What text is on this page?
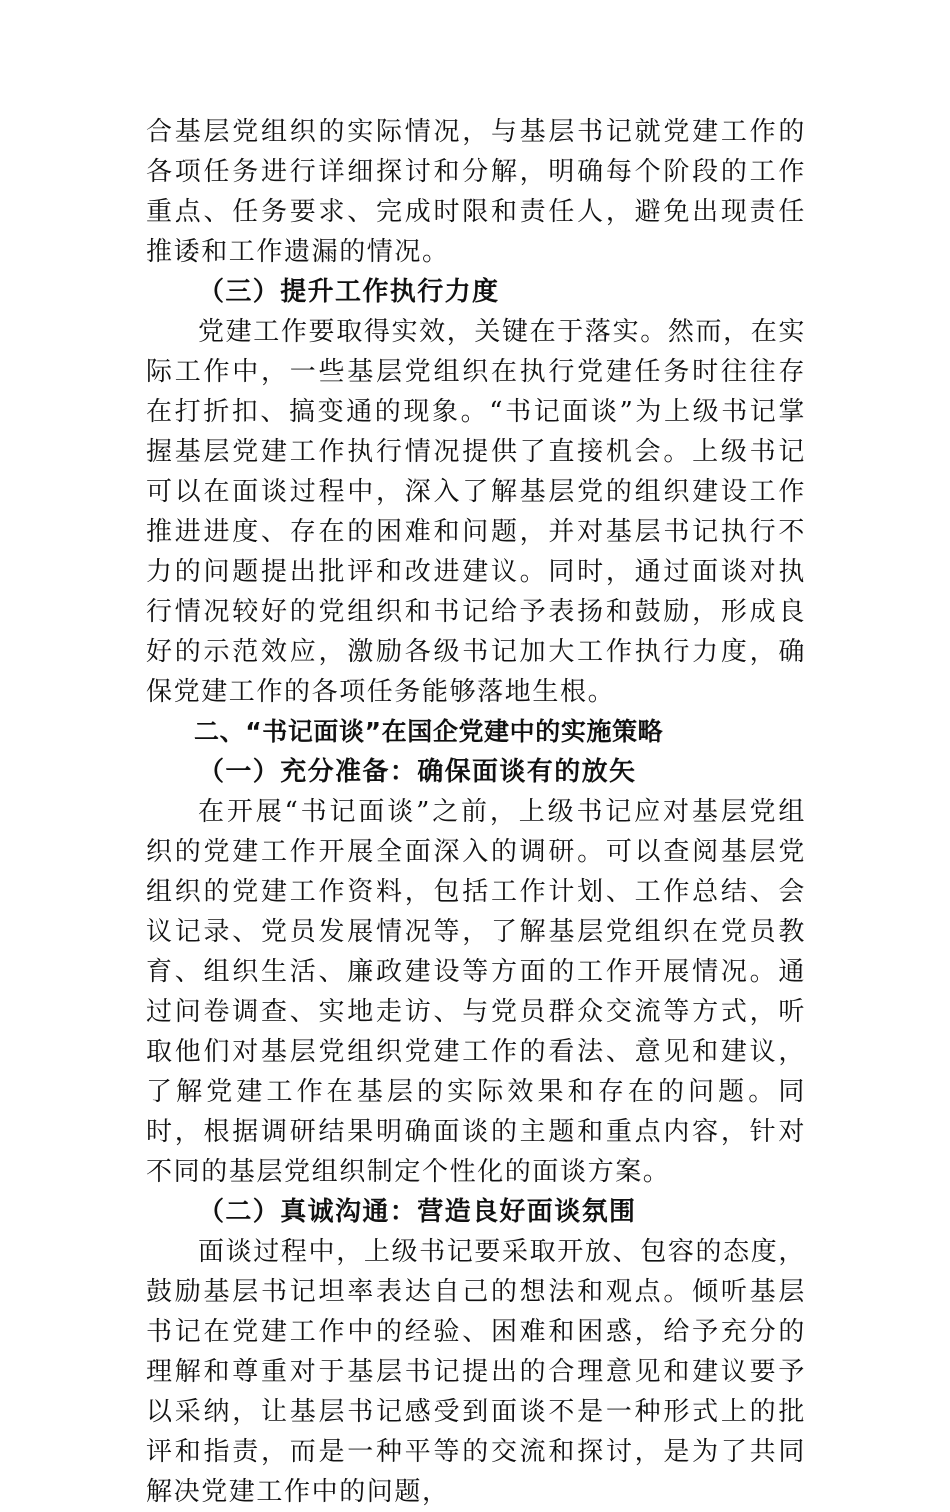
合基层党组织的实际情况，与基层书记就党建工作的各项任务进行详细探讨和分解，明确每个阶段的工作重点、任务要求、完成时限和责任人，避免出现责任推诿和工作遗漏的情况。

（三）提升工作执行力度

党建工作要取得实效，关键在于落实。然而，在实际工作中，一些基层党组织在执行党建任务时往往存在打折扣、搞变通的现象。“书记面谈”为上级书记掌握基层党建工作执行情况提供了直接机会。上级书记可以在面谈过程中，深入了解基层党的组织建设工作推进进度、存在的困难和问题，并对基层书记执行不力的问题提出批评和改进建议。同时，通过面谈对执行情况较好的党组织和书记给予表扬和鼓励，形成良好的示范效应，激励各级书记加大工作执行力度，确保党建工作的各项任务能够落地生根。

二、“书记面谈”在国企党建中的实施策略

（一）充分准备：确保面谈有的放矢

在开展“书记面谈”之前，上级书记应对基层党组织的党建工作开展全面深入的调研。可以查阅基层党组织的党建工作资料，包括工作计划、工作总结、会议记录、党员发展情况等，了解基层党组织在党员教育、组织生活、廉政建设等方面的工作开展情况。通过问卷调查、实地走访、与党员群众交流等方式，听取他们对基层党组织党建工作的看法、意见和建议，了解党建工作在基层的实际效果和存在的问题。同时，根据调研结果明确面谈的主题和重点内容，针对不同的基层党组织制定个性化的面谈方案。

（二）真诚沟通：营造良好面谈氛围

面谈过程中，上级书记要采取开放、包容的态度，鼓励基层书记坦率表达自己的想法和观点。倾听基层书记在党建工作中的经验、困难和困惑，给予充分的理解和尊重对于基层书记提出的合理意见和建议要予以采纳，让基层书记感受到面谈不是一种形式上的批评和指责，而是一种平等的交流和探讨，是为了共同解决党建工作中的问题，
